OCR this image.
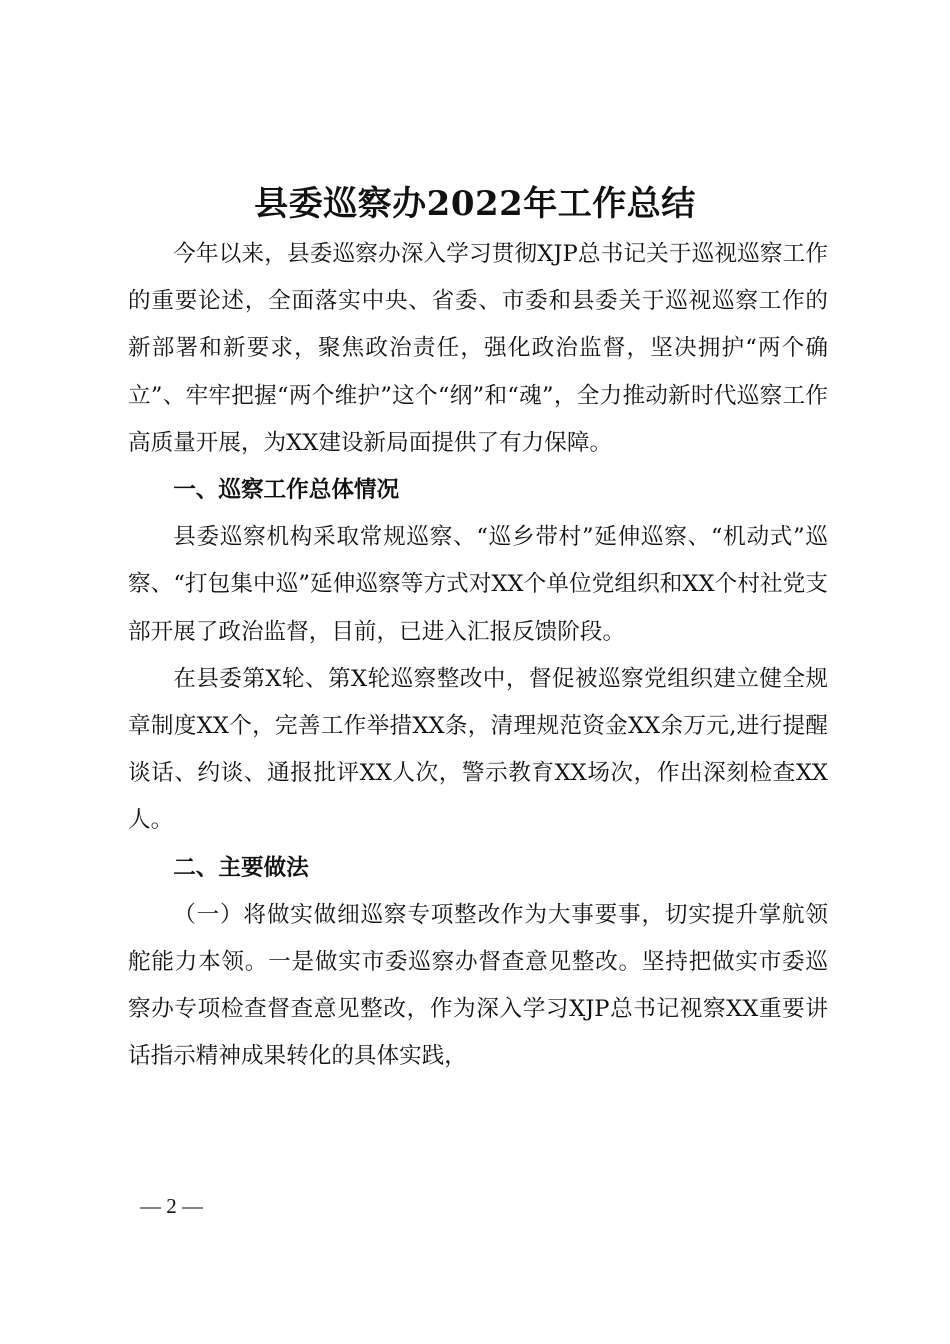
县委巡察办2022年工作总结

今年以来，县委巡察办深入学习贯彻XJP总书记关于巡视巡察工作的重要论述，全面落实中央、省委、市委和县委关于巡视巡察工作的新部署和新要求，聚焦政治责任，强化政治监督，坚决拥护“两个确立”、牢牢把握“两个维护”这个“纲”和“魂”，全力推动新时代巡察工作高质量开展，为XX建设新局面提供了有力保障。

一、巡察工作总体情况

县委巡察机构采取常规巡察、“巡乡带村”延伸巡察、“机动式”巡察、“打包集中巡”延伸巡察等方式对XX个单位党组织和XX个村社党支部开展了政治监督，目前，已进入汇报反馈阶段。

在县委第X轮、第X轮巡察整改中，督促被巡察党组织建立健全规章制度XX个，完善工作举措XX条，清理规范资金XX余万元,进行提醒谈话、约谈、通报批评XX人次，警示教育XX场次，作出深刻检查XX人。

二、主要做法

（一）将做实做细巡察专项整改作为大事要事，切实提升掌航领舵能力本领。一是做实市委巡察办督查意见整改。坚持把做实市委巡察办专项检查督查意见整改，作为深入学习XJP总书记视察XX重要讲话指示精神成果转化的具体实践，

— 2 —
